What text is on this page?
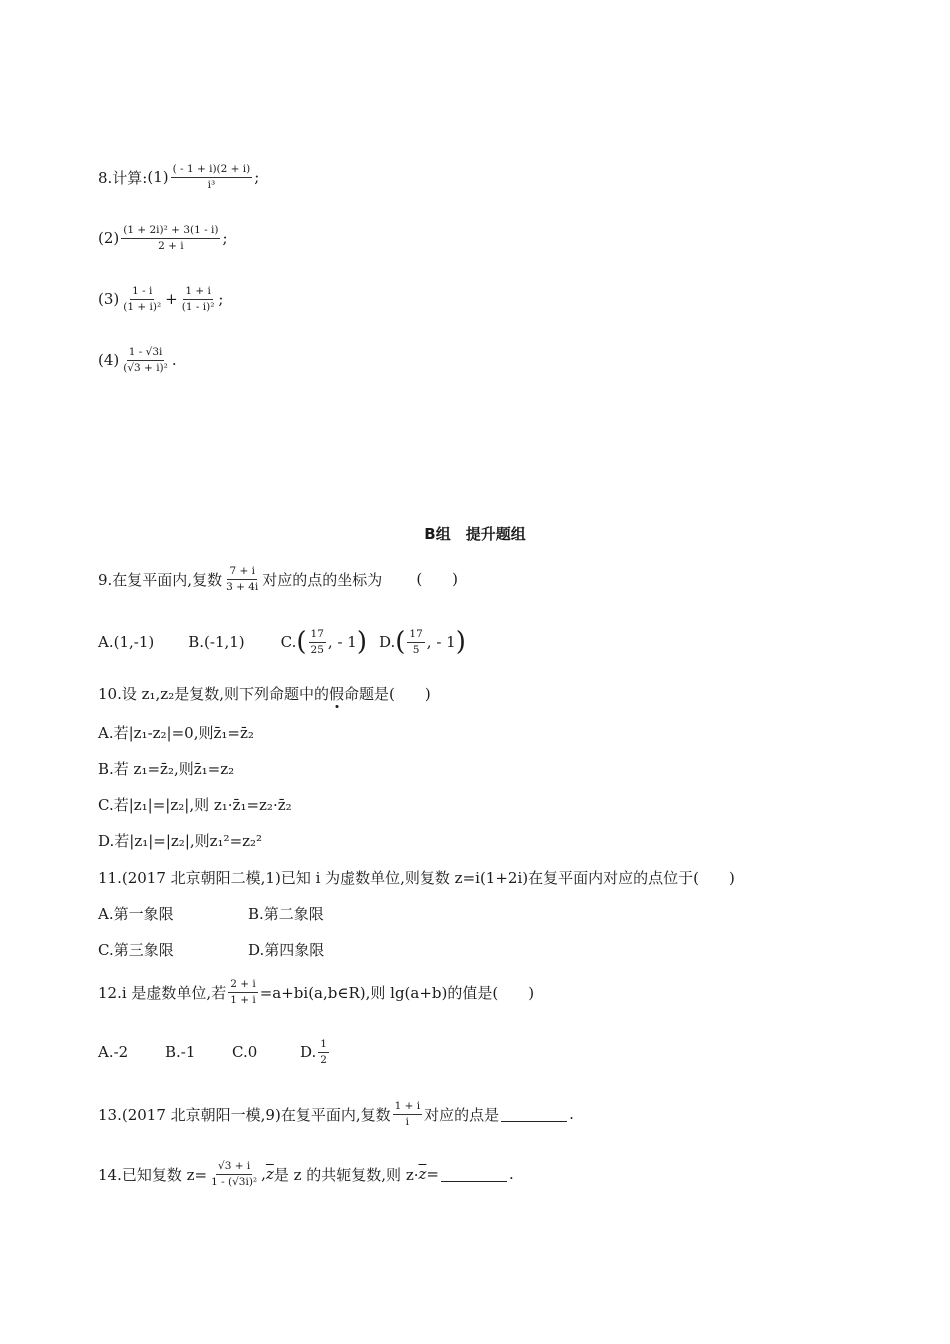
8.计算: $(1) \frac{( - 1 + i)(2 + i)}{\text{i³}}$ ;
$(2) \frac{\text{(1 + 2i)² + 3(1 - i)}}{2 + i}$ ;
$(3) \frac{1 - i}{\text{(1 + i)²}} + \frac{1 + i}{\text{(1 - i)²}}$ ;
$(4) \frac{1 - √3i}{\text{(√3 + i)²}}$ .
B组　提升题组
9.在复平面内,复数 $\frac{7 + i}{3 + 4i}$ 对应的点的坐标为 (  )
A.(1,-1) B.(-1,1) C. ( $\frac{17}{25}$ , - 1 ) D. ( $\frac{17}{5}$ , - 1 )
10.设 z₁,z₂是复数,则下列命题中的 假 命题是(  )
A.若|z₁-z₂|=0,则z̄₁=z̄₂
B.若 z₁=z̄₂,则z̄₁=z₂
C.若|z₁|=|z₂|,则 z₁·z̄₁=z₂·z̄₂
D.若|z₁|=|z₂|,则z₁²=z₂²
11.(2017 北京朝阳二模,1)已知 i 为虚数单位,则复数 z=i(1+2i)在复平面内对应的点位于(  )
A.第一象限	B.第二象限
C.第三象限	D.第四象限
12.i 是虚数单位,若 $\frac{2 + i}{1 + i}$ =a+bi(a,b∈R),则 lg(a+b)的值是(  )
A.-2	B.-1	C.0	D. $\frac{1}{2}$
13.(2017 北京朝阳一模,9)在复平面内,复数 $\frac{1 + i}{i}$ 对应的点是	.
14.已知复数 $z= \frac{√3 + i}{\text{1 - (√3i)²}}$ , $\overline{z}$ 是 z 的共轭复数,则 $z\cdot \overline{z}$ =	.
